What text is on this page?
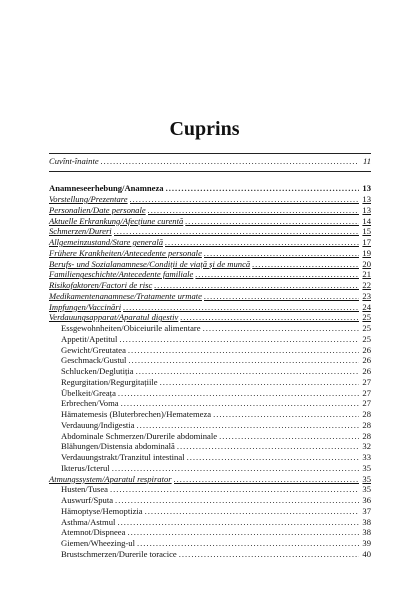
Cuprins
Cuvînt-înainte .....	11
Anamneseerhebung/Anamneza .....	13
Vorstellung/Prezentare .....	13
Personalien/Date personale .....	13
Aktuelle Erkrankung/Afecțiune curentă .....	14
Schmerzen/Dureri .....	15
Allgemeinzustand/Stare generală .....	17
Frühere Krankheiten/Antecedente personale .....	19
Berufs- und Sozialanamnese/Condiții de viață și de muncă .....	20
Familiengeschichte/Antecedente familiale .....	21
Risikofaktoren/Factori de risc .....	22
Medikamentenanamnese/Tratamente urmate .....	23
Impfungen/Vaccinări .....	24
Verdauungsapparat/Aparatul digestiv .....	25
Essgewohnheiten/Obiceiurile alimentare .....	25
Appetit/Apetitul .....	25
Gewicht/Greutatea .....	26
Geschmack/Gustul .....	26
Schlucken/Deglutiția .....	26
Regurgitation/Regurgitațiile .....	27
Übelkeit/Greața .....	27
Erbrechen/Voma .....	27
Hämatemesis (Bluterbrechen)/Hematemeza .....	28
Verdauung/Indigestia .....	28
Abdominale Schmerzen/Durerile abdominale .....	28
Blähungen/Distensia abdominală .....	32
Verdauungstrakt/Tranzitul intestinal .....	33
Ikterus/Icterul .....	35
Atmungssystem/Aparatul respirator .....	35
Husten/Tusea .....	35
Auswurf/Sputa .....	36
Hämoptyse/Hemoptizia .....	37
Asthma/Astmul .....	38
Atemnot/Dispneea .....	38
Giemen/Wheezing-ul .....	39
Brustschmerzen/Durerile toracice .....	40
